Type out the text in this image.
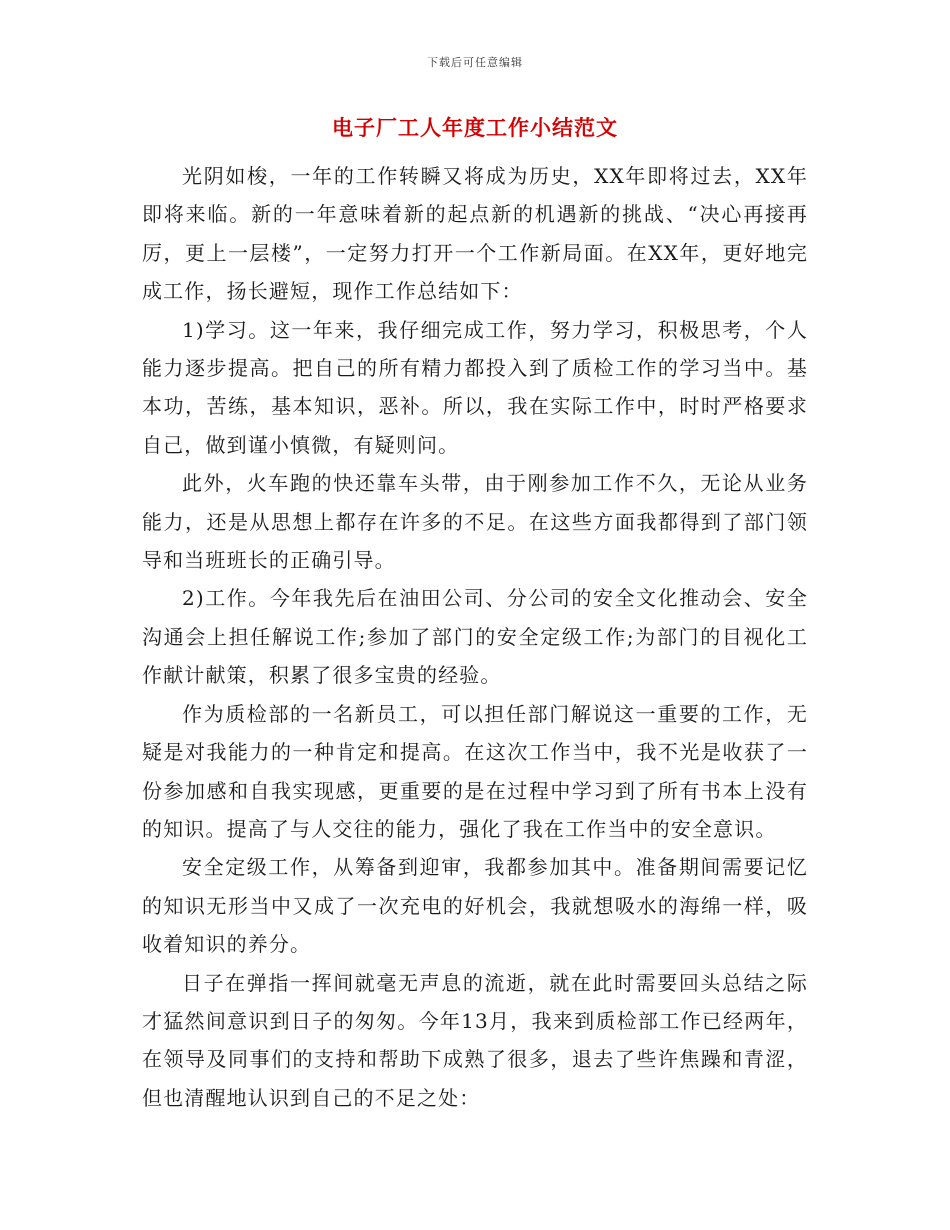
下载后可任意编辑
电子厂工人年度工作小结范文

光阴如梭，一年的工作转瞬又将成为历史，XX年即将过去，XX年即将来临。新的一年意味着新的起点新的机遇新的挑战、“决心再接再厉，更上一层楼”，一定努力打开一个工作新局面。在XX年，更好地完成工作，扬长避短，现作工作总结如下：

1)学习。这一年来，我仔细完成工作，努力学习，积极思考，个人能力逐步提高。把自己的所有精力都投入到了质检工作的学习当中。基本功，苦练，基本知识，恶补。所以，我在实际工作中，时时严格要求自己，做到谨小慎微，有疑则问。

此外，火车跑的快还靠车头带，由于刚参加工作不久，无论从业务能力，还是从思想上都存在许多的不足。在这些方面我都得到了部门领导和当班班长的正确引导。

2)工作。今年我先后在油田公司、分公司的安全文化推动会、安全沟通会上担任解说工作;参加了部门的安全定级工作;为部门的目视化工作献计献策，积累了很多宝贵的经验。

作为质检部的一名新员工，可以担任部门解说这一重要的工作，无疑是对我能力的一种肯定和提高。在这次工作当中，我不光是收获了一份参加感和自我实现感，更重要的是在过程中学习到了所有书本上没有的知识。提高了与人交往的能力，强化了我在工作当中的安全意识。

安全定级工作，从筹备到迎审，我都参加其中。准备期间需要记忆的知识无形当中又成了一次充电的好机会，我就想吸水的海绵一样，吸收着知识的养分。

日子在弹指一挥间就毫无声息的流逝，就在此时需要回头总结之际才猛然间意识到日子的匆匆。今年13月，我来到质检部工作已经两年，在领导及同事们的支持和帮助下成熟了很多，退去了些许焦躁和青涩，但也清醒地认识到自己的不足之处：
